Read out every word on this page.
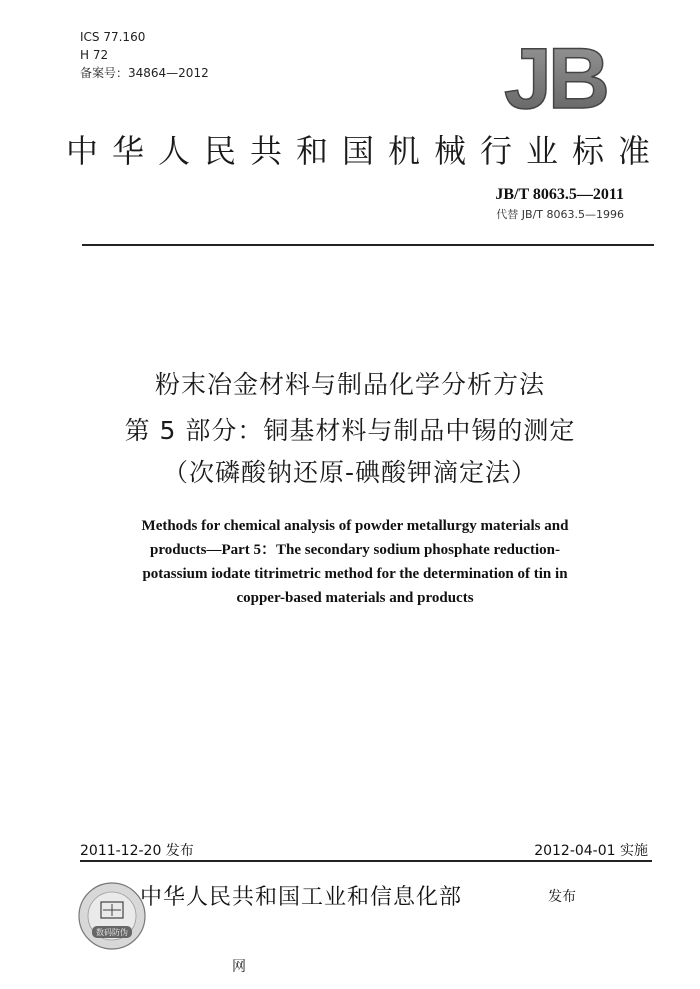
ICS 77.160
H 72
备案号：34864—2012	JB
中华人民共和国机械行业标准
JB/T 8063.5—2011
代替 JB/T 8063.5—1996
粉末冶金材料与制品化学分析方法
第 5 部分：铜基材料与制品中锡的测定
（次磷酸钠还原-碘酸钾滴定法）
Methods for chemical analysis of powder metallurgy materials and
products—Part 5：The secondary sodium phosphate reduction-
potassium iodate titrimetric method for the determination of tin in
copper-based materials and products
2011-12-20 发布	2012-04-01 实施
数码防伪
中华人民共和国工业和信息化部	发布
网
